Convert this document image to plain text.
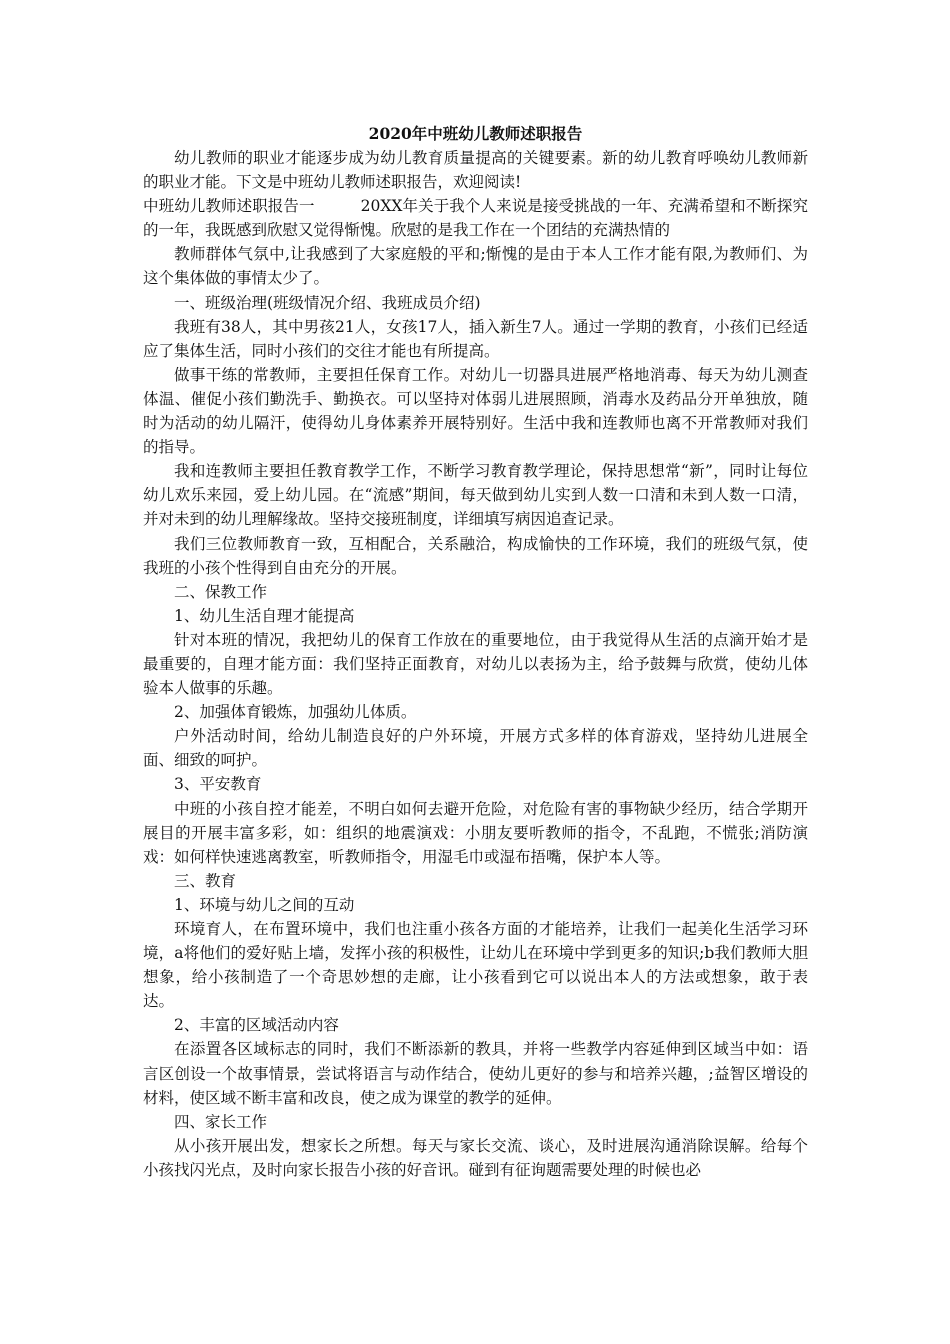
2020年中班幼儿教师述职报告

幼儿教师的职业才能逐步成为幼儿教育质量提高的关键要素。新的幼儿教育呼唤幼儿教师新的职业才能。下文是中班幼儿教师述职报告，欢迎阅读!

中班幼儿教师述职报告一	20XX年关于我个人来说是接受挑战的一年、充满希望和不断探究的一年，我既感到欣慰又觉得惭愧。欣慰的是我工作在一个团结的充满热情的

教师群体气氛中,让我感到了大家庭般的平和;惭愧的是由于本人工作才能有限,为教师们、为这个集体做的事情太少了。

一、班级治理(班级情况介绍、我班成员介绍)

我班有38人，其中男孩21人，女孩17人，插入新生7人。通过一学期的教育，小孩们已经适应了集体生活，同时小孩们的交往才能也有所提高。

做事干练的常教师，主要担任保育工作。对幼儿一切器具进展严格地消毒、每天为幼儿测查体温、催促小孩们勤洗手、勤换衣。可以坚持对体弱儿进展照顾，消毒水及药品分开单独放，随时为活动的幼儿隔汗，使得幼儿身体素养开展特别好。生活中我和连教师也离不开常教师对我们的指导。

我和连教师主要担任教育教学工作，不断学习教育教学理论，保持思想常“新”，同时让每位幼儿欢乐来园，爱上幼儿园。在“流感”期间，每天做到幼儿实到人数一口清和未到人数一口清，并对未到的幼儿理解缘故。坚持交接班制度，详细填写病因追查记录。

我们三位教师教育一致，互相配合，关系融洽，构成愉快的工作环境，我们的班级气氛，使我班的小孩个性得到自由充分的开展。

二、保教工作

1、幼儿生活自理才能提高

针对本班的情况，我把幼儿的保育工作放在的重要地位，由于我觉得从生活的点滴开始才是最重要的，自理才能方面：我们坚持正面教育，对幼儿以表扬为主，给予鼓舞与欣赏，使幼儿体验本人做事的乐趣。

2、加强体育锻炼，加强幼儿体质。

户外活动时间，给幼儿制造良好的户外环境，开展方式多样的体育游戏，坚持幼儿进展全面、细致的呵护。

3、平安教育

中班的小孩自控才能差，不明白如何去避开危险，对危险有害的事物缺少经历，结合学期开展目的开展丰富多彩，如：组织的地震演戏：小朋友要听教师的指令，不乱跑，不慌张;消防演戏：如何样快速逃离教室，听教师指令，用湿毛巾或湿布捂嘴，保护本人等。

三、教育

1、环境与幼儿之间的互动

环境育人，在布置环境中，我们也注重小孩各方面的才能培养，让我们一起美化生活学习环境，a将他们的爱好贴上墙，发挥小孩的积极性，让幼儿在环境中学到更多的知识;b我们教师大胆想象，给小孩制造了一个奇思妙想的走廊，让小孩看到它可以说出本人的方法或想象，敢于表达。

2、丰富的区域活动内容

在添置各区域标志的同时，我们不断添新的教具，并将一些教学内容延伸到区域当中如：语言区创设一个故事情景，尝试将语言与动作结合，使幼儿更好的参与和培养兴趣，;益智区增设的材料，使区域不断丰富和改良，使之成为课堂的教学的延伸。

四、家长工作

从小孩开展出发，想家长之所想。每天与家长交流、谈心，及时进展沟通消除误解。给每个小孩找闪光点，及时向家长报告小孩的好音讯。碰到有征询题需要处理的时候也必
